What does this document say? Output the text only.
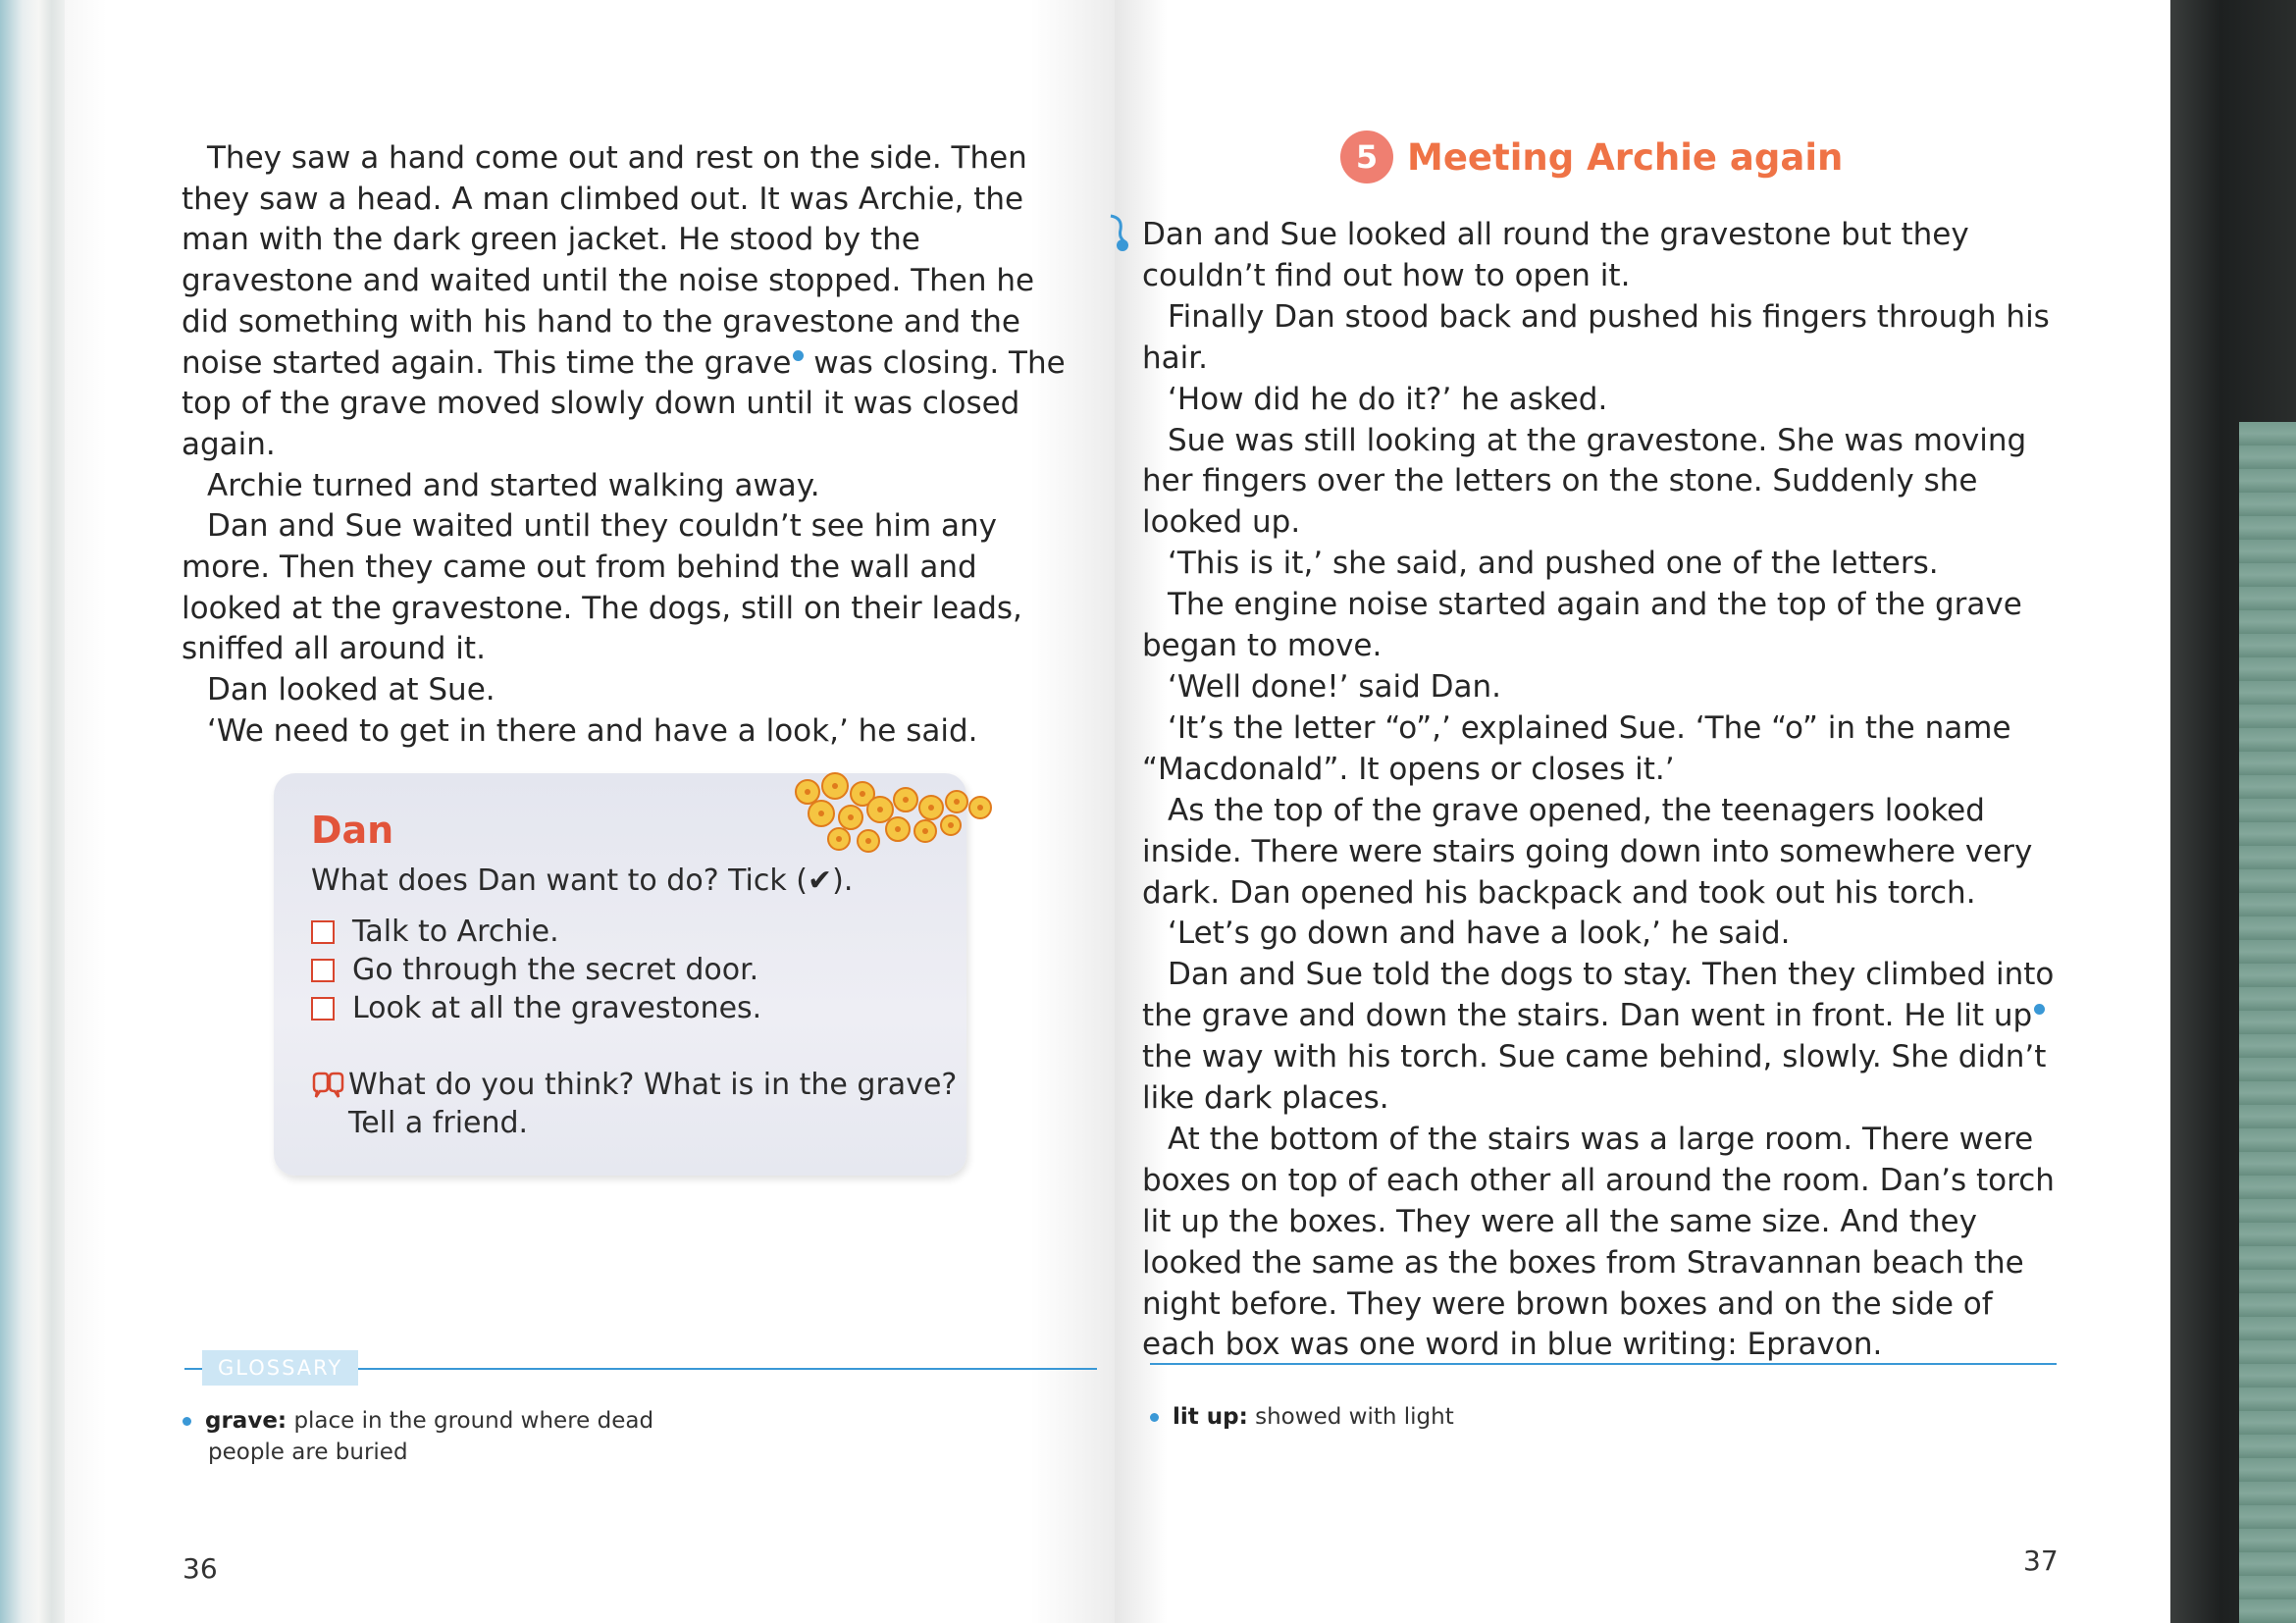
They saw a hand come out and rest on the side. Then they saw a head. A man climbed out. It was Archie, the man with the dark green jacket. He stood by the gravestone and waited until the noise stopped. Then he did something with his hand to the gravestone and the noise started again. This time the grave was closing. The top of the grave moved slowly down until it was closed again.

Archie turned and started walking away.

Dan and Sue waited until they couldn’t see him any more. Then they came out from behind the wall and looked at the gravestone. The dogs, still on their leads, sniffed all around it.

Dan looked at Sue.

‘We need to get in there and have a look,’ he said.

Dan
What does Dan want to do? Tick (✔).
Talk to Archie.
Go through the secret door.
Look at all the gravestones.
What do you think? What is in the grave?
Tell a friend.
GLOSSARY
grave: place in the ground where dead
people are buried
36
5 Meeting Archie again

Dan and Sue looked all round the gravestone but they couldn’t find out how to open it.

Finally Dan stood back and pushed his fingers through his hair.

‘How did he do it?’ he asked.

Sue was still looking at the gravestone. She was moving her fingers over the letters on the stone. Suddenly she looked up.

‘This is it,’ she said, and pushed one of the letters.

The engine noise started again and the top of the grave began to move.

‘Well done!’ said Dan.

‘It’s the letter “o”,’ explained Sue. ‘The “o” in the name “Macdonald”. It opens or closes it.’

As the top of the grave opened, the teenagers looked inside. There were stairs going down into somewhere very dark. Dan opened his backpack and took out his torch.

‘Let’s go down and have a look,’ he said.

Dan and Sue told the dogs to stay. Then they climbed into the grave and down the stairs. Dan went in front. He lit up the way with his torch. Sue came behind, slowly. She didn’t like dark places.

At the bottom of the stairs was a large room. There were boxes on top of each other all around the room. Dan’s torch lit up the boxes. They were all the same size. And they looked the same as the boxes from Stravannan beach the night before. They were brown boxes and on the side of each box was one word in blue writing: Epravon.

lit up: showed with light
37
